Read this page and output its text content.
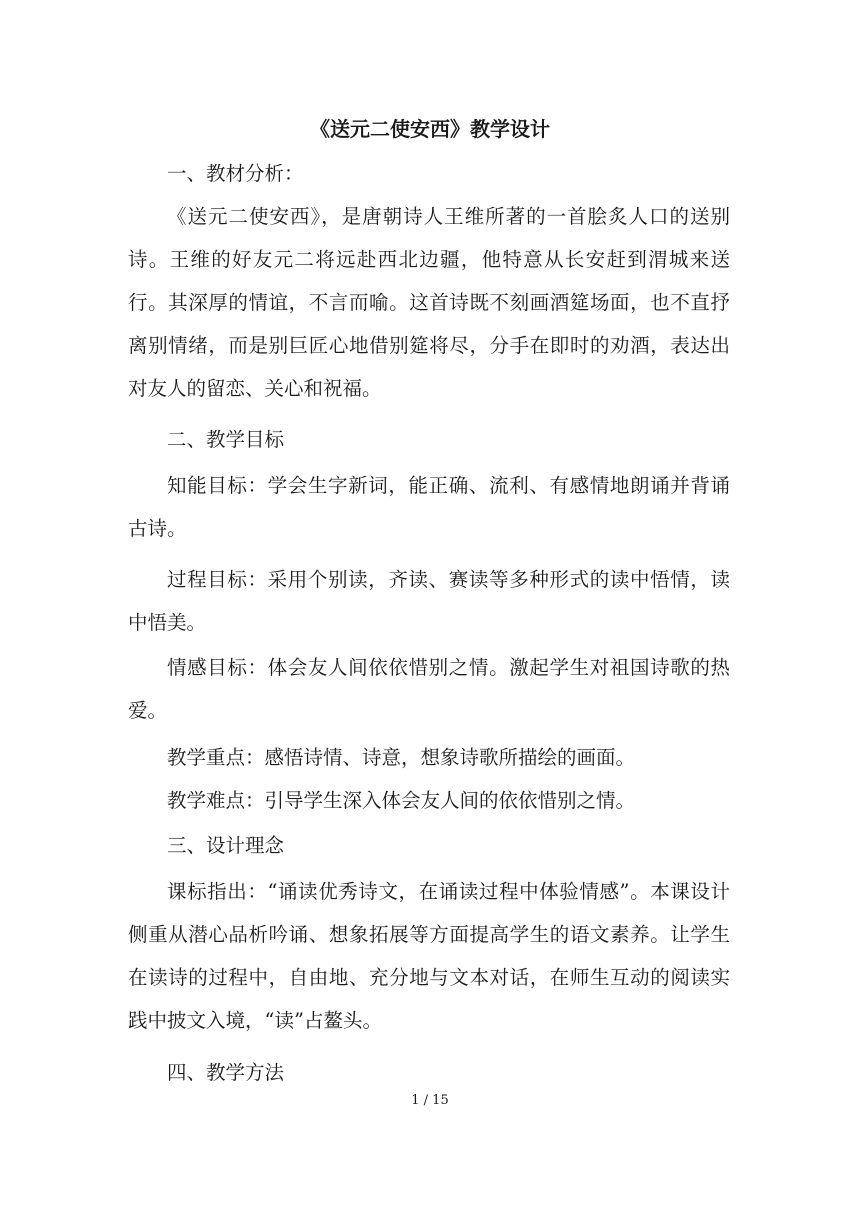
《送元二使安西》教学设计

一、教材分析：

《送元二使安西》，是唐朝诗人王维所著的一首脍炙人口的送别诗。王维的好友元二将远赴西北边疆，他特意从长安赶到渭城来送行。其深厚的情谊，不言而喻。这首诗既不刻画酒筵场面，也不直抒离别情绪，而是别巨匠心地借别筵将尽，分手在即时的劝酒，表达出对友人的留恋、关心和祝福。

二、教学目标

知能目标：学会生字新词，能正确、流利、有感情地朗诵并背诵古诗。

过程目标：采用个别读，齐读、赛读等多种形式的读中悟情，读中悟美。

情感目标：体会友人间依依惜别之情。激起学生对祖国诗歌的热爱。

教学重点：感悟诗情、诗意，想象诗歌所描绘的画面。

教学难点：引导学生深入体会友人间的依依惜别之情。

三、设计理念

课标指出：“诵读优秀诗文，在诵读过程中体验情感”。本课设计侧重从潜心品析吟诵、想象拓展等方面提高学生的语文素养。让学生在读诗的过程中，自由地、充分地与文本对话，在师生互动的阅读实践中披文入境，“读”占鳌头。

四、教学方法

1 / 15
